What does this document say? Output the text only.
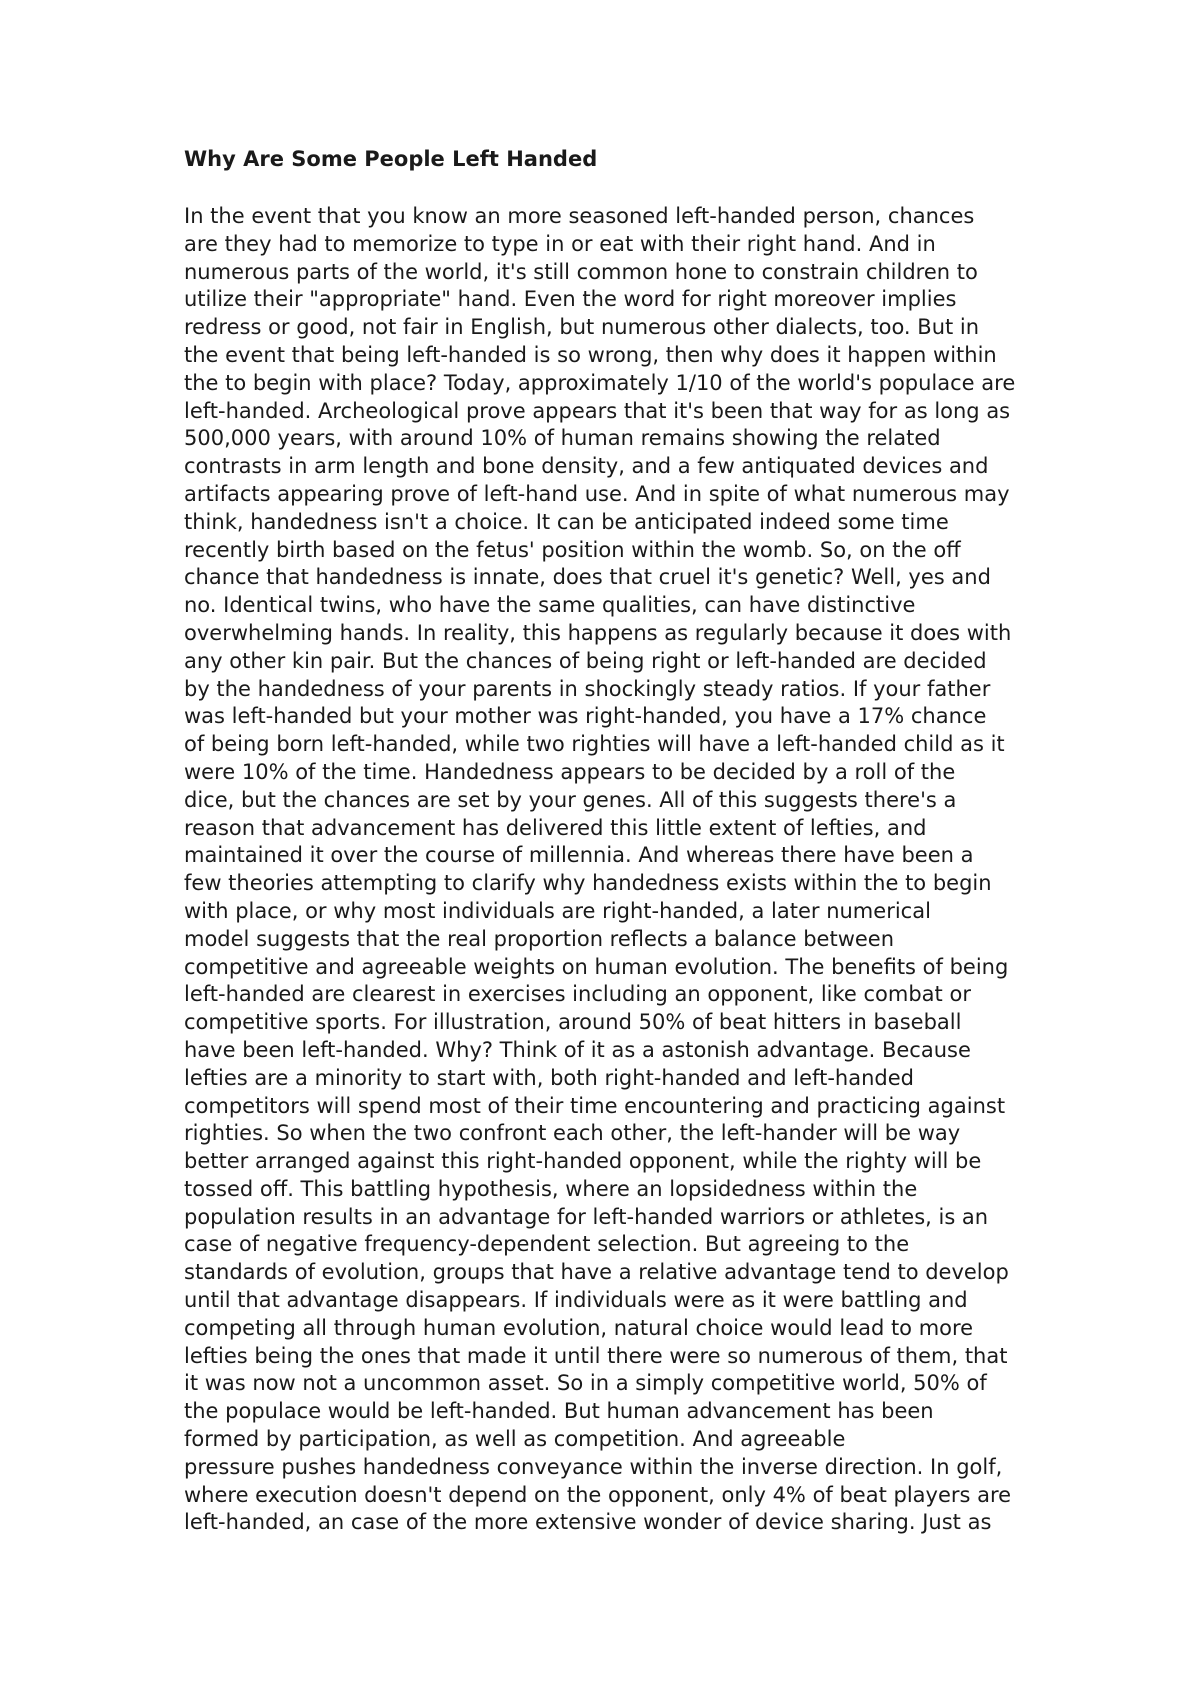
Why Are Some People Left Handed
In the event that you know an more seasoned left-handed person, chances
are they had to memorize to type in or eat with their right hand. And in
numerous parts of the world, it's still common hone to constrain children to
utilize their "appropriate" hand. Even the word for right moreover implies
redress or good, not fair in English, but numerous other dialects, too. But in
the event that being left-handed is so wrong, then why does it happen within
the to begin with place? Today, approximately 1/10 of the world's populace are
left-handed. Archeological prove appears that it's been that way for as long as
500,000 years, with around 10% of human remains showing the related
contrasts in arm length and bone density, and a few antiquated devices and
artifacts appearing prove of left-hand use. And in spite of what numerous may
think, handedness isn't a choice. It can be anticipated indeed some time
recently birth based on the fetus' position within the womb. So, on the off
chance that handedness is innate, does that cruel it's genetic? Well, yes and
no. Identical twins, who have the same qualities, can have distinctive
overwhelming hands. In reality, this happens as regularly because it does with
any other kin pair. But the chances of being right or left-handed are decided
by the handedness of your parents in shockingly steady ratios. If your father
was left-handed but your mother was right-handed, you have a 17% chance
of being born left-handed, while two righties will have a left-handed child as it
were 10% of the time. Handedness appears to be decided by a roll of the
dice, but the chances are set by your genes. All of this suggests there's a
reason that advancement has delivered this little extent of lefties, and
maintained it over the course of millennia. And whereas there have been a
few theories attempting to clarify why handedness exists within the to begin
with place, or why most individuals are right-handed, a later numerical
model suggests that the real proportion reflects a balance between
competitive and agreeable weights on human evolution. The benefits of being
left-handed are clearest in exercises including an opponent, like combat or
competitive sports. For illustration, around 50% of beat hitters in baseball
have been left-handed. Why? Think of it as a astonish advantage. Because
lefties are a minority to start with, both right-handed and left-handed
competitors will spend most of their time encountering and practicing against
righties. So when the two confront each other, the left-hander will be way
better arranged against this right-handed opponent, while the righty will be
tossed off. This battling hypothesis, where an lopsidedness within the
population results in an advantage for left-handed warriors or athletes, is an
case of negative frequency-dependent selection. But agreeing to the
standards of evolution, groups that have a relative advantage tend to develop
until that advantage disappears. If individuals were as it were battling and
competing all through human evolution, natural choice would lead to more
lefties being the ones that made it until there were so numerous of them, that
it was now not a uncommon asset. So in a simply competitive world, 50% of
the populace would be left-handed. But human advancement has been
formed by participation, as well as competition. And agreeable
pressure pushes handedness conveyance within the inverse direction. In golf,
where execution doesn't depend on the opponent, only 4% of beat players are
left-handed, an case of the more extensive wonder of device sharing. Just as
